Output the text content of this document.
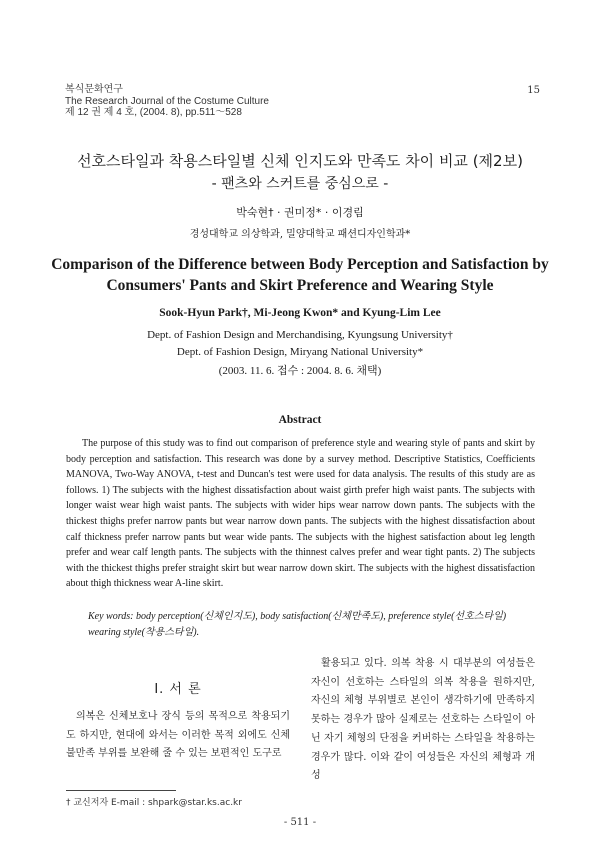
복식문화연구
The Research Journal of the Costume Culture
제 12 권 제 4 호, (2004. 8), pp.511～528
15
선호스타일과 착용스타일별 신체 인지도와 만족도 차이 비교 (제2보)
- 팬츠와 스커트를 중심으로 -
박숙현† · 권미정* · 이경림
경성대학교 의상학과, 밀양대학교 패션디자인학과*
Comparison of the Difference between Body Perception and Satisfaction by
Consumers' Pants and Skirt Preference and Wearing Style
Sook-Hyun Park†, Mi-Jeong Kwon* and Kyung-Lim Lee
Dept. of Fashion Design and Merchandising, Kyungsung University†
Dept. of Fashion Design, Miryang National University*
(2003. 11. 6. 접수 : 2004. 8. 6. 채택)
Abstract
The purpose of this study was to find out comparison of preference style and wearing style of pants and skirt by body perception and satisfaction. This research was done by a survey method. Descriptive Statistics, Coefficients MANOVA, Two-Way ANOVA, t-test and Duncan's test were used for data analysis. The results of this study are as follows. 1) The subjects with the highest dissatisfaction about waist girth prefer high waist pants. The subjects with longer waist wear high waist pants. The subjects with wider hips wear narrow down pants. The subjects with the thickest thighs prefer narrow pants but wear narrow down pants. The subjects with the highest dissatisfaction about calf thickness prefer narrow pants but wear wide pants. The subjects with the highest satisfaction about leg length prefer and wear calf length pants. The subjects with the thinnest calves prefer and wear tight pants. 2) The subjects with the thickest thighs prefer straight skirt but wear narrow down skirt. The subjects with the highest dissatisfaction about thigh thickness wear A-line skirt.
Key words: body perception(신체인지도), body satisfaction(신체만족도), preference style(선호스타일) wearing style(착용스타일).
Ⅰ. 서 론
의복은 신체보호나 장식 등의 목적으로 착용되기도 하지만, 현대에 와서는 이러한 목적 외에도 신체 불만족 부위를 보완해 줄 수 있는 보편적인 도구로
활용되고 있다. 의복 착용 시 대부분의 여성들은 자신이 선호하는 스타일의 의복 착용을 원하지만, 자신의 체형 부위별로 본인이 생각하기에 만족하지 못하는 경우가 많아 실제로는 선호하는 스타일이 아닌 자기 체형의 단점을 커버하는 스타일을 착용하는 경우가 많다. 이와 같이 여성들은 자신의 체형과 개성
† 교신저자 E-mail : shpark@star.ks.ac.kr
- 511 -
